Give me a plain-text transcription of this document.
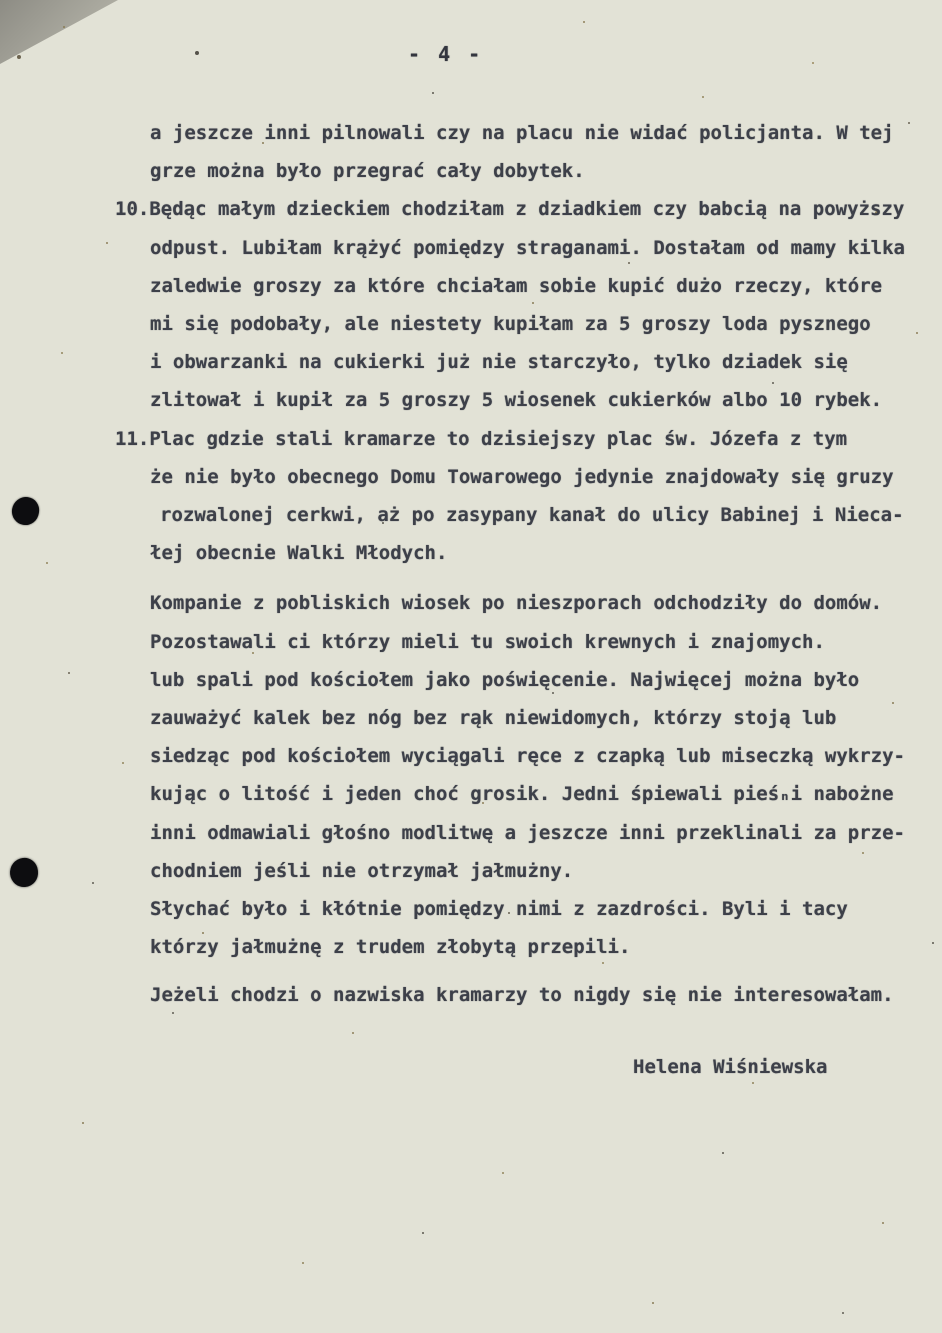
- 4 -
a jeszcze inni pilnowali czy na placu nie widać policjanta. W tej
grze można było przegrać cały dobytek.
10.Będąc małym dzieckiem chodziłam z dziadkiem czy babcią na powyższy
odpust. Lubiłam krążyć pomiędzy straganami. Dostałam od mamy kilka
zaledwie groszy za które chciałam sobie kupić dużo rzeczy, które
mi się podobały, ale niestety kupiłam za 5 groszy loda pysznego
i obwarzanki na cukierki już nie starczyło, tylko dziadek się
zlitował i kupił za 5 groszy 5 wiosenek cukierków albo 10 rybek.
11.Plac gdzie stali kramarze to dzisiejszy plac św. Józefa z tym
że nie było obecnego Domu Towarowego jedynie znajdowały się gruzy
rozwalonej cerkwi, aż po zasypany kanał do ulicy Babinej i Nieca-
łej obecnie Walki Młodych.
Kompanie z pobliskich wiosek po nieszporach odchodziły do domów.
Pozostawali ci którzy mieli tu swoich krewnych i znajomych.
lub spali pod kościołem jako poświęcenie. Najwięcej można było
zauważyć kalek bez nóg bez rąk niewidomych, którzy stoją lub
siedząc pod kościołem wyciągali ręce z czapką lub miseczką wykrzy-
kując o litość i jeden choć grosik. Jedni śpiewali pieśₙi nabożne
inni odmawiali głośno modlitwę a jeszcze inni przeklinali za prze-
chodniem jeśli nie otrzymał jałmużny.
Słychać było i kłótnie pomiędzy nimi z zazdrości. Byli i tacy
którzy jałmużnę z trudem złobytą przepili.
Jeżeli chodzi o nazwiska kramarzy to nigdy się nie interesowałam.
Helena Wiśniewska
